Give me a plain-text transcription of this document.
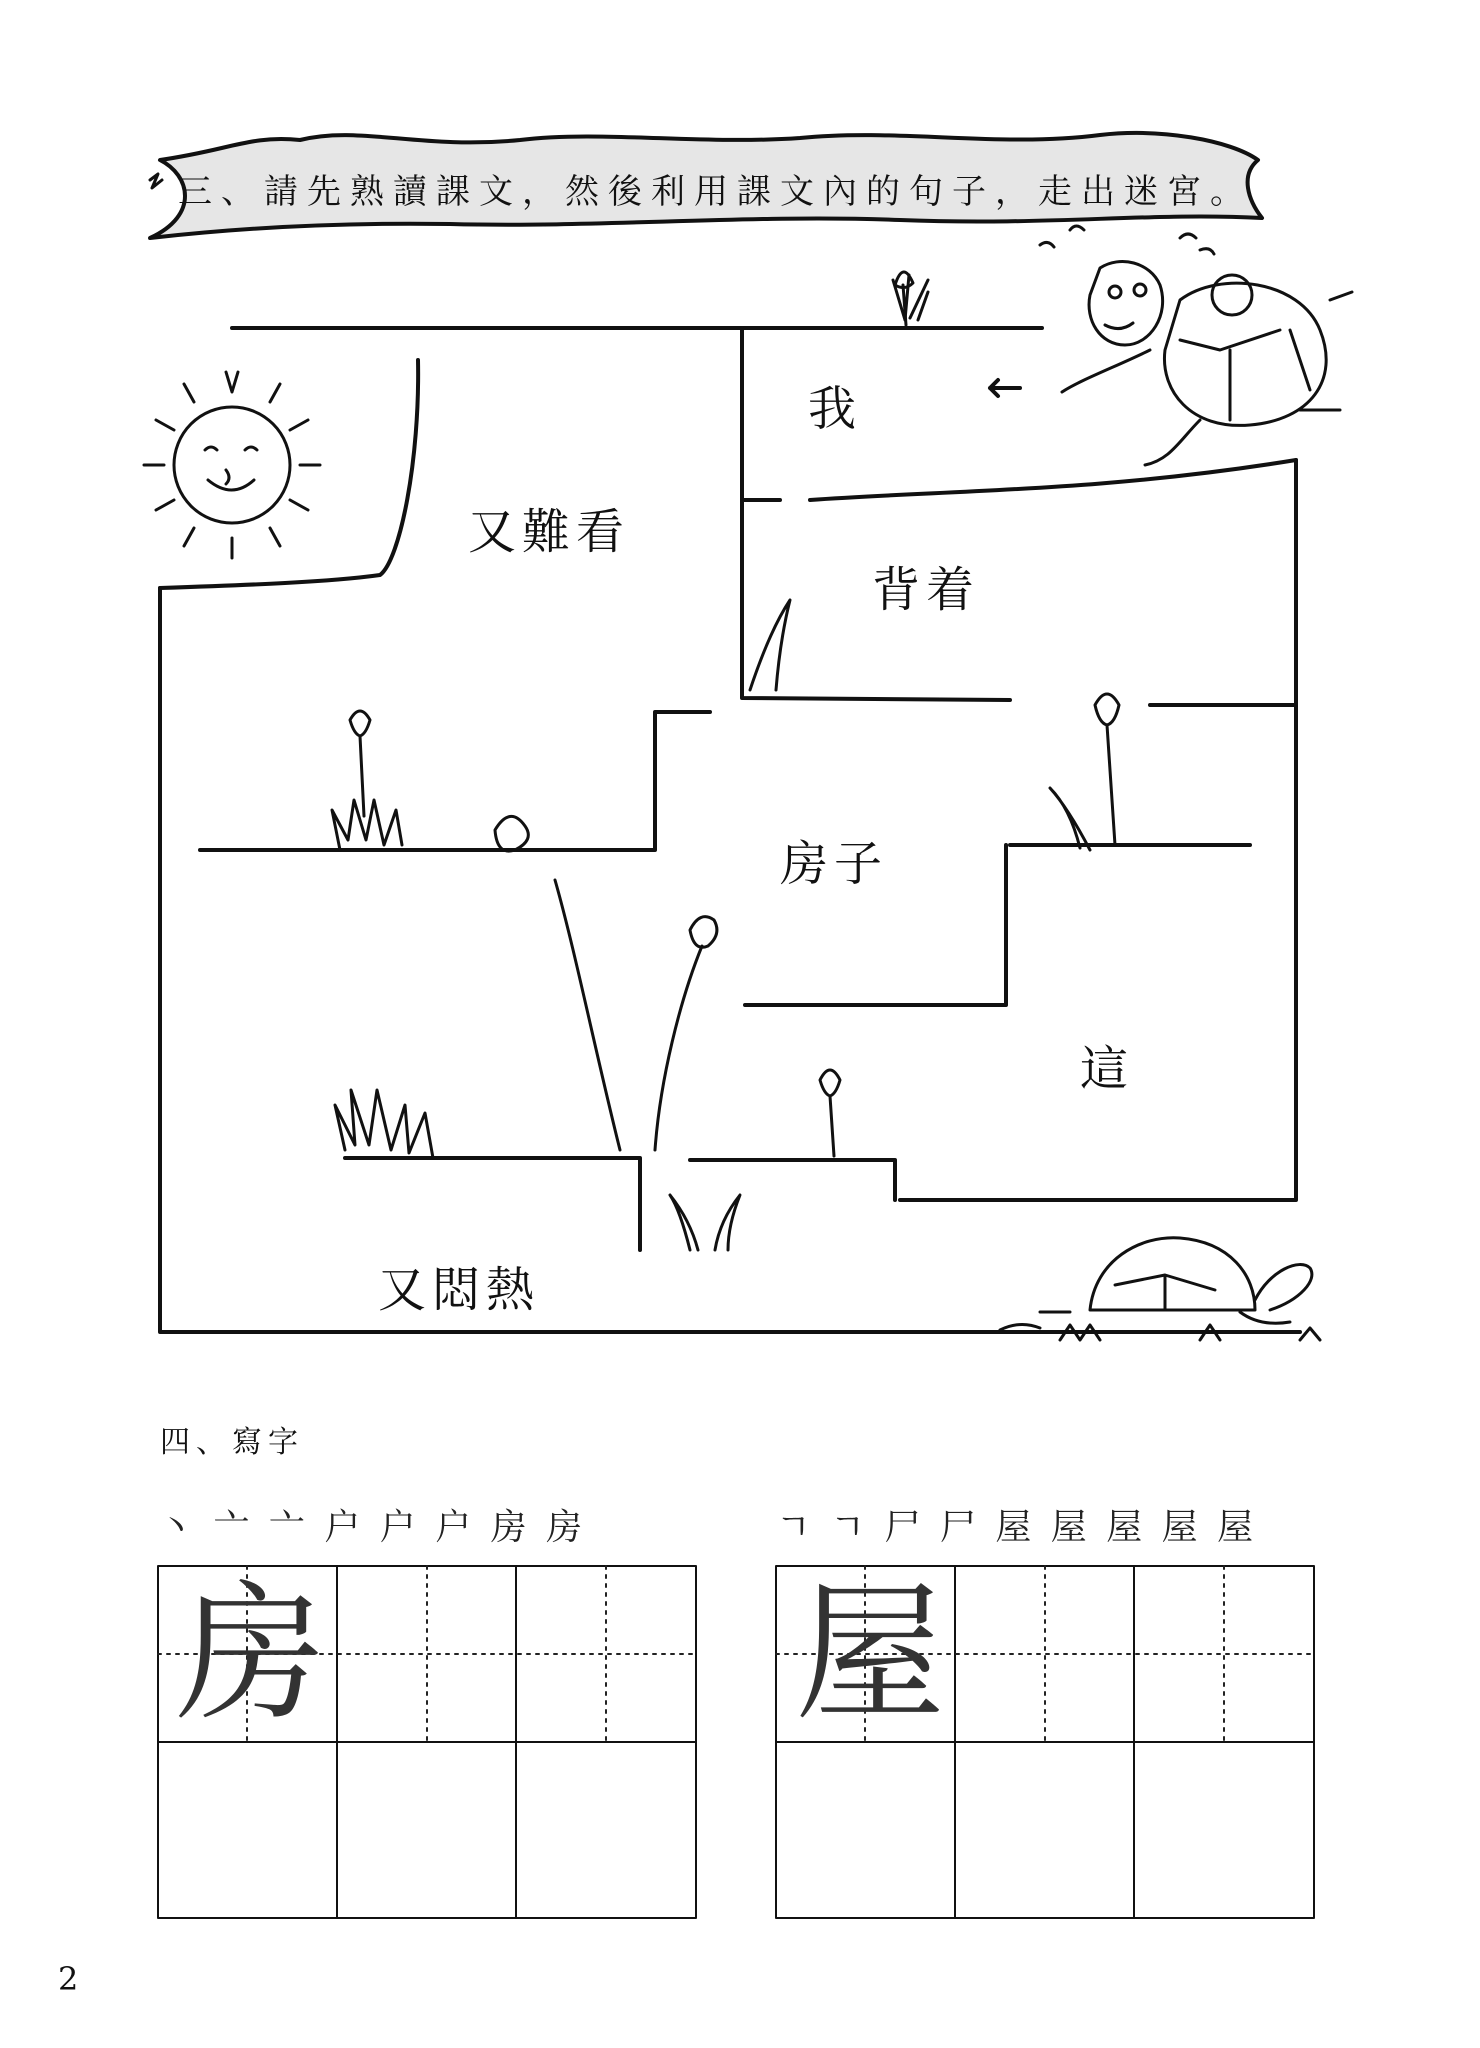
三、請先熟讀課文，然後利用課文內的句子，走出迷宮。
我
又難看
背着
房子
這
又悶熱
四、寫字
丶 亠 亠 户 户 户 房 房	ㄱ ㄱ 尸 尸 屋 屋 屋 屋 屋
房	屋
2
